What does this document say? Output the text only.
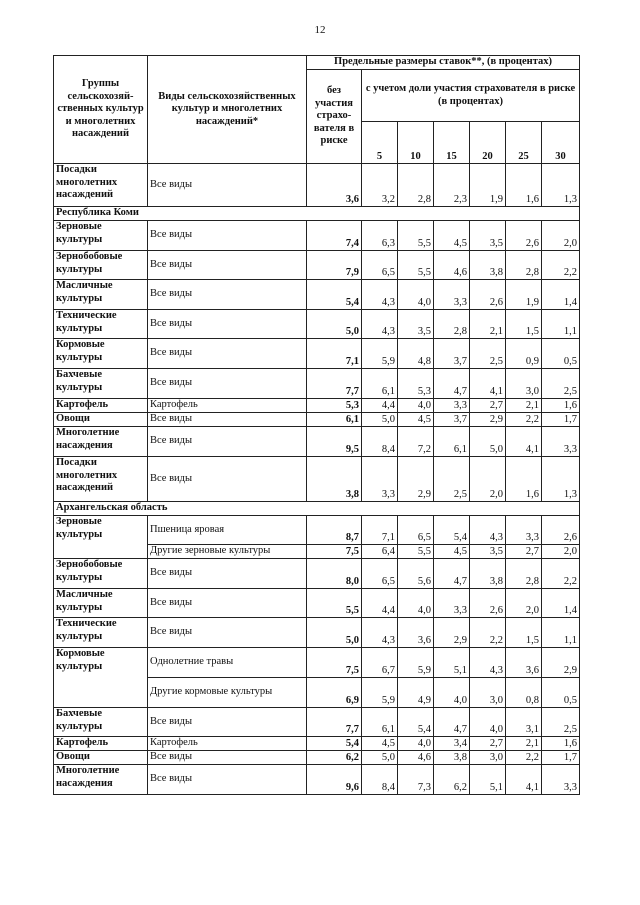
12
Группы сельскохозяй-ственных культур и многолетних насаждений	Виды сельскохозяйственных культур и многолетних насаждений*	Предельные размеры ставок**, (в процентах)						
		без участия страхо-вателя в риске	с учетом доли участия страхователя в риске (в процентах)					
			5	10	15	20	25	30
Посадки многолетних насаждений	Все виды	3,6	3,2	2,8	2,3	1,9	1,6	1,3
Республика Коми								
Зерновые культуры	Все виды	7,4	6,3	5,5	4,5	3,5	2,6	2,0
Зернобобовые культуры	Все виды	7,9	6,5	5,5	4,6	3,8	2,8	2,2
Масличные культуры	Все виды	5,4	4,3	4,0	3,3	2,6	1,9	1,4
Технические культуры	Все виды	5,0	4,3	3,5	2,8	2,1	1,5	1,1
Кормовые культуры	Все виды	7,1	5,9	4,8	3,7	2,5	0,9	0,5
Бахчевые культуры	Все виды	7,7	6,1	5,3	4,7	4,1	3,0	2,5
Картофель	Картофель	5,3	4,4	4,0	3,3	2,7	2,1	1,6
Овощи	Все виды	6,1	5,0	4,5	3,7	2,9	2,2	1,7
Многолетние насаждения	Все виды	9,5	8,4	7,2	6,1	5,0	4,1	3,3
Посадки многолетних насаждений	Все виды	3,8	3,3	2,9	2,5	2,0	1,6	1,3
Архангельская область								
Зерновые культуры	Пшеница яровая	8,7	7,1	6,5	5,4	4,3	3,3	2,6
	Другие зерновые культуры	7,5	6,4	5,5	4,5	3,5	2,7	2,0
Зернобобовые культуры	Все виды	8,0	6,5	5,6	4,7	3,8	2,8	2,2
Масличные культуры	Все виды	5,5	4,4	4,0	3,3	2,6	2,0	1,4
Технические культуры	Все виды	5,0	4,3	3,6	2,9	2,2	1,5	1,1
Кормовые культуры	Однолетние травы	7,5	6,7	5,9	5,1	4,3	3,6	2,9
	Другие кормовые культуры	6,9	5,9	4,9	4,0	3,0	0,8	0,5
Бахчевые культуры	Все виды	7,7	6,1	5,4	4,7	4,0	3,1	2,5
Картофель	Картофель	5,4	4,5	4,0	3,4	2,7	2,1	1,6
Овощи	Все виды	6,2	5,0	4,6	3,8	3,0	2,2	1,7
Многолетние насаждения	Все виды	9,6	8,4	7,3	6,2	5,1	4,1	3,3
